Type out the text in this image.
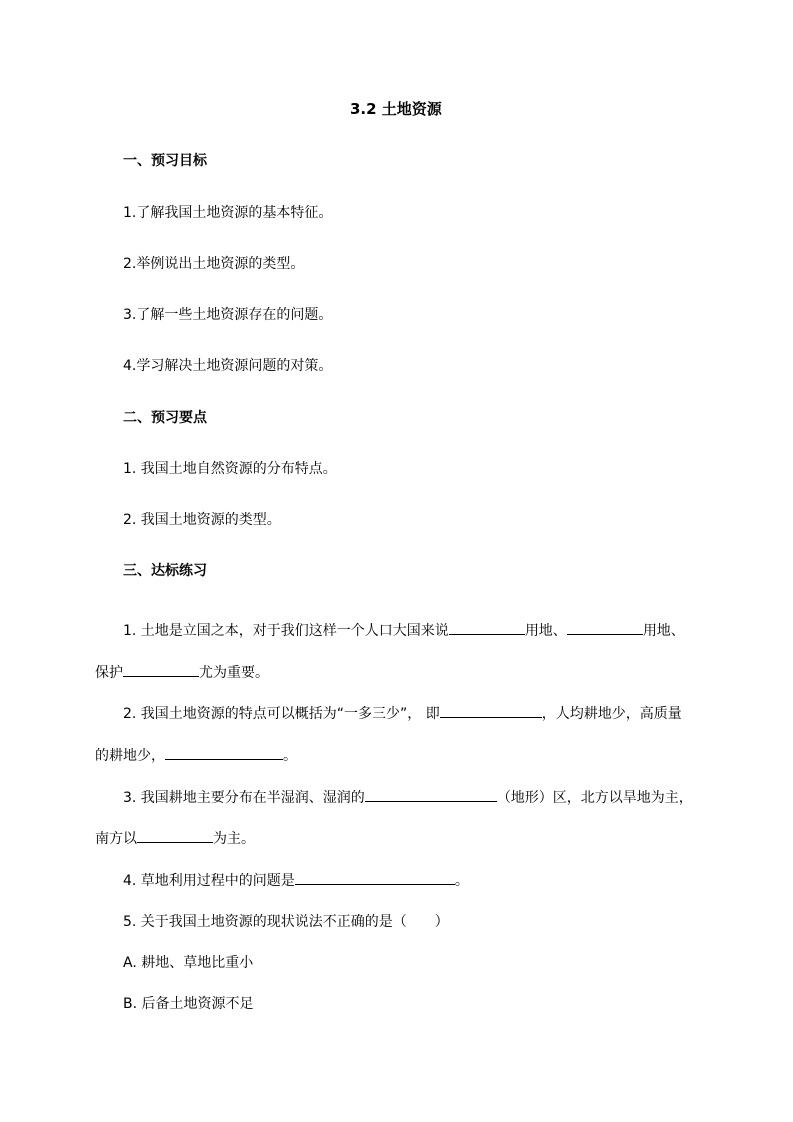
3.2 土地资源
一、预习目标
1.了解我国土地资源的基本特征。
2.举例说出土地资源的类型。
3.了解一些土地资源存在的问题。
4.学习解决土地资源问题的对策。
二、预习要点
1. 我国土地自然资源的分布特点。
2. 我国土地资源的类型。
三、达标练习
1. 土地是立国之本，对于我们这样一个人口大国来说	用地、	用地、
保护	尤为重要。
2. 我国土地资源的特点可以概括为“一多三少”， 即	，人均耕地少，高质量
的耕地少，	。
3. 我国耕地主要分布在半湿润、湿润的	（地形）区，北方以旱地为主，
南方以	为主。
4. 草地利用过程中的问题是	。
5. 关于我国土地资源的现状说法不正确的是（　　）
A. 耕地、草地比重小
B. 后备土地资源不足
